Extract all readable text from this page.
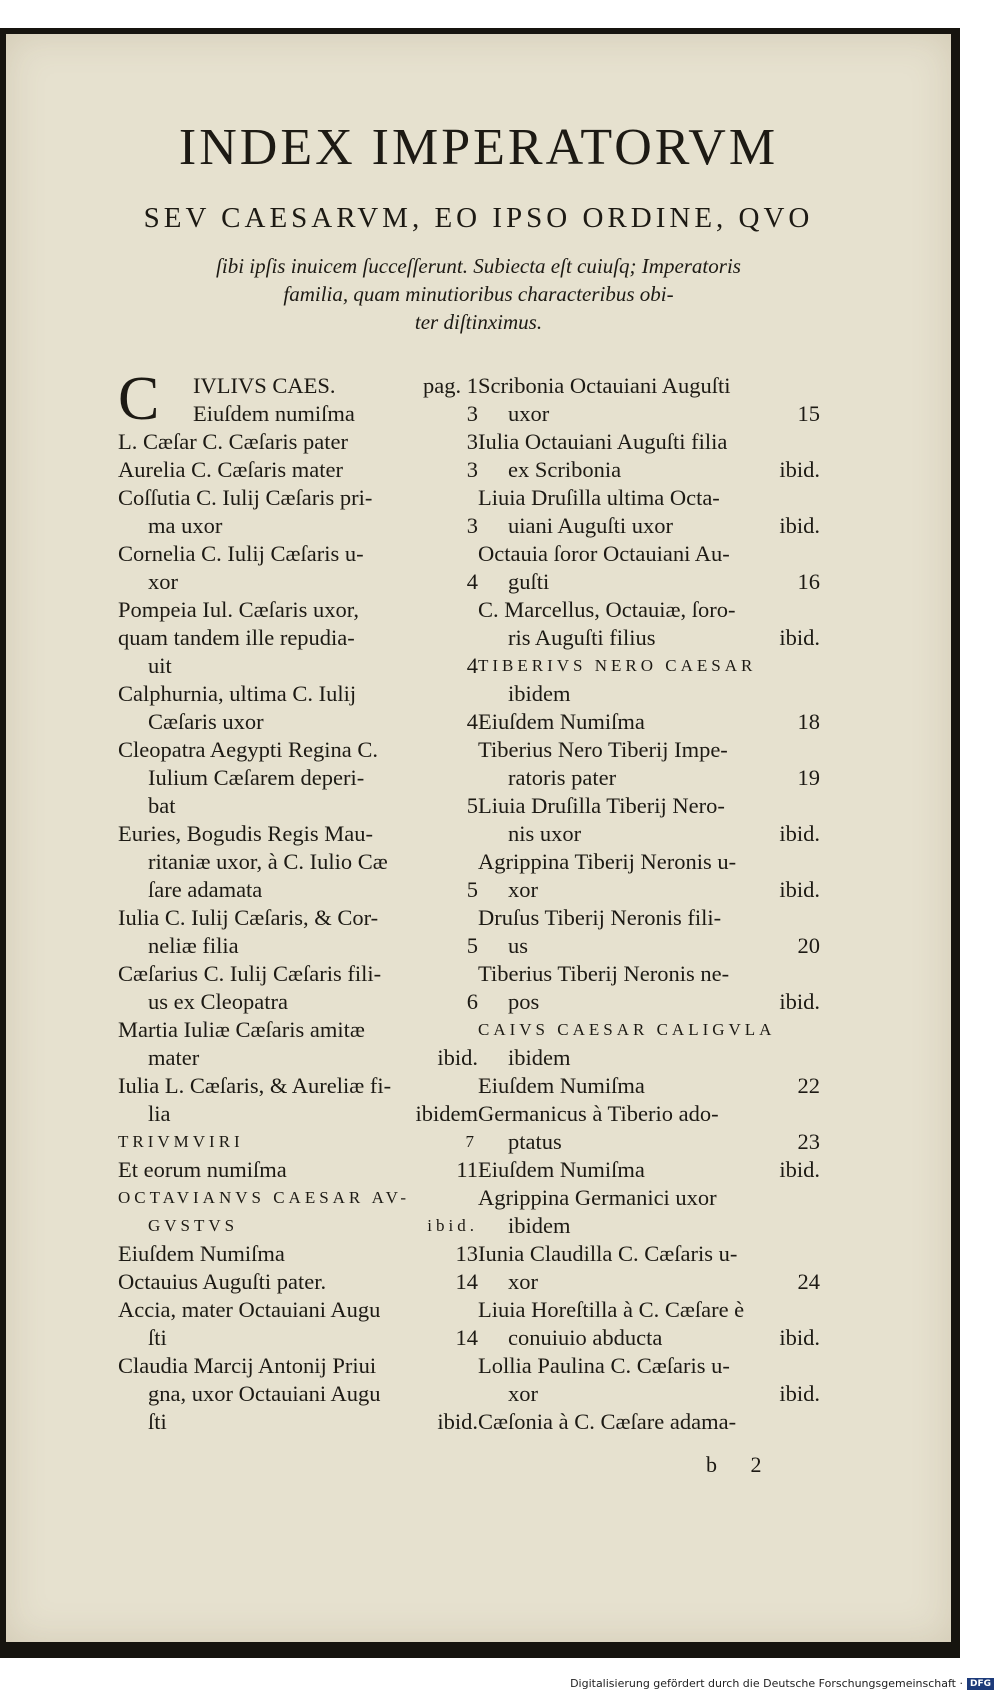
INDEX IMPERATORVM
SEV CAESARVM, EO IPSO ORDINE, QVO
ſibi ipſis inuicem ſucceſſerunt. Subiecta eſt cuiuſq; Imperatoris
familia, quam minutioribus characteribus obi-
ter diſtinximus.
C IVLIVS CAES.	pag. 1
Eiuſdem numiſma	3
L. Cæſar C. Cæſaris pater	3
Aurelia C. Cæſaris mater	3
Coſſutia C. Iulij Cæſaris pri-
ma uxor	3
Cornelia C. Iulij Cæſaris u-
xor	4
Pompeia Iul. Cæſaris uxor,
quam tandem ille repudia-
uit	4
Calphurnia, ultima C. Iulij
Cæſaris uxor	4
Cleopatra Aegypti Regina C.
Iulium Cæſarem deperi-
bat	5
Euries, Bogudis Regis Mau-
ritaniæ uxor, à C. Iulio Cæ
ſare adamata	5
Iulia C. Iulij Cæſaris, & Cor-
neliæ filia	5
Cæſarius C. Iulij Cæſaris fili-
us ex Cleopatra	6
Martia Iuliæ Cæſaris amitæ
mater	ibid.
Iulia L. Cæſaris, & Aureliæ fi-
lia	ibidem
TRIVMVIRI	7
Et eorum numiſma	11
OCTAVIANVS CAESAR AV-
GVSTVS	ibid.
Eiuſdem Numiſma	13
Octauius Auguſti pater.	14
Accia, mater Octauiani Augu
ſti	14
Claudia Marcij Antonij Priui
gna, uxor Octauiani Augu
ſti	ibid.
Scribonia Octauiani Auguſti
uxor	15
Iulia Octauiani Auguſti filia
ex Scribonia	ibid.
Liuia Druſilla ultima Octa-
uiani Auguſti uxor	ibid.
Octauia ſoror Octauiani Au-
guſti	16
C. Marcellus, Octauiæ, ſoro-
ris Auguſti filius	ibid.
TIBERIVS NERO CAESAR
ibidem
Eiuſdem Numiſma	18
Tiberius Nero Tiberij Impe-
ratoris pater	19
Liuia Druſilla Tiberij Nero-
nis uxor	ibid.
Agrippina Tiberij Neronis u-
xor	ibid.
Druſus Tiberij Neronis fili-
us	20
Tiberius Tiberij Neronis ne-
pos	ibid.
CAIVS CAESAR CALIGVLA
ibidem
Eiuſdem Numiſma	22
Germanicus à Tiberio ado-
ptatus	23
Eiuſdem Numiſma	ibid.
Agrippina Germanici uxor
ibidem
Iunia Claudilla C. Cæſaris u-
xor	24
Liuia Horeſtilla à C. Cæſare è
conuiuio abducta	ibid.
Lollia Paulina C. Cæſaris u-
xor	ibid.
Cæſonia à C. Cæſare adama-
b 2
Digitalisierung gefördert durch die Deutsche Forschungsgemeinschaft · DFG
